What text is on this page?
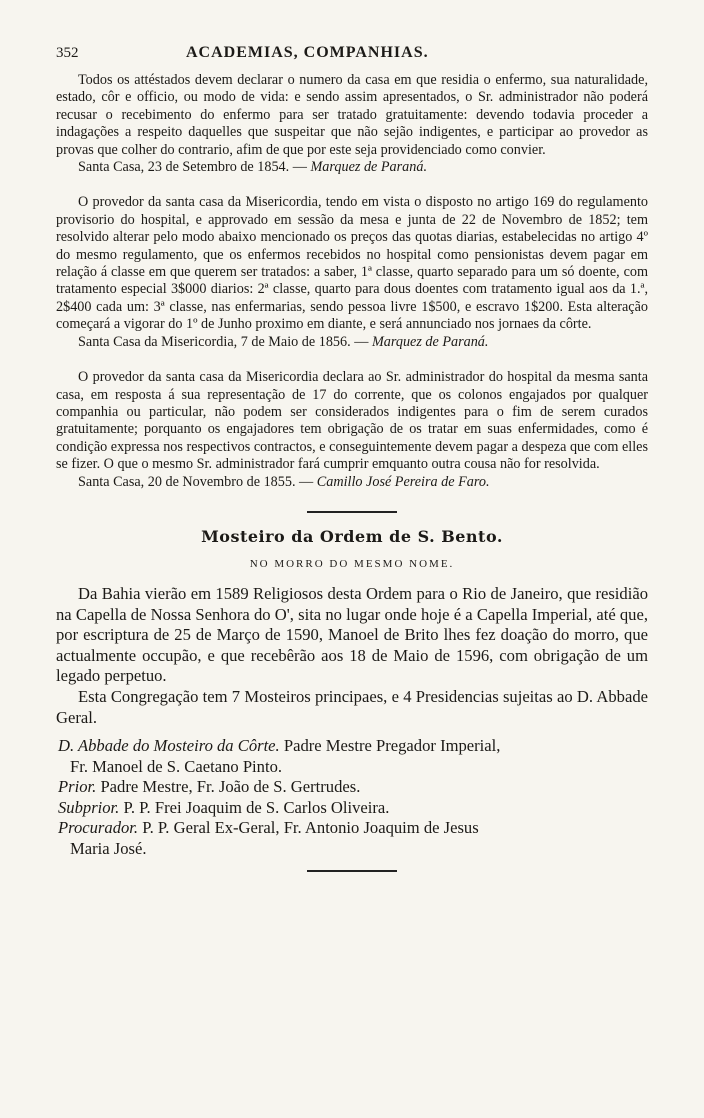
352	ACADEMIAS, COMPANHIAS.

Todos os attéstados devem declarar o numero da casa em que residia o enfermo, sua naturalidade, estado, côr e officio, ou modo de vida: e sendo assim apresentados, o Sr. administrador não poderá recusar o recebimento do enfermo para ser tratado gratuitamente: devendo todavia proceder a indagações a respeito daquelles que suspeitar que não sejão indigentes, e participar ao provedor as provas que colher do contrario, afim de que por este seja providenciado como convier.

Santa Casa, 23 de Setembro de 1854. — Marquez de Paraná.

O provedor da santa casa da Misericordia, tendo em vista o disposto no artigo 169 do regulamento provisorio do hospital, e approvado em sessão da mesa e junta de 22 de Novembro de 1852; tem resolvido alterar pelo modo abaixo mencionado os preços das quotas diarias, estabelecidas no artigo 4º do mesmo regulamento, que os enfermos recebidos no hospital como pensionistas devem pagar em relação á classe em que querem ser tratados: a saber, 1ª classe, quarto separado para um só doente, com tratamento especial 3$000 diarios: 2ª classe, quarto para dous doentes com tratamento igual aos da 1.ª, 2$400 cada um: 3ª classe, nas enfermarias, sendo pessoa livre 1$500, e escravo 1$200. Esta alteração começará a vigorar do 1º de Junho proximo em diante, e será annunciado nos jornaes da côrte.

Santa Casa da Misericordia, 7 de Maio de 1856. — Marquez de Paraná.

O provedor da santa casa da Misericordia declara ao Sr. administrador do hospital da mesma santa casa, em resposta á sua representação de 17 do corrente, que os colonos engajados por qualquer companhia ou particular, não podem ser considerados indigentes para o fim de serem curados gratuitamente; porquanto os engajadores tem obrigação de os tratar em suas enfermidades, como é condição expressa nos respectivos contractos, e conseguintemente devem pagar a despeza que com elles se fizer. O que o mesmo Sr. administrador fará cumprir emquanto outra cousa não for resolvida.

Santa Casa, 20 de Novembro de 1855. — Camillo José Pereira de Faro.

Mosteiro da Ordem de S. Bento.
NO MORRO DO MESMO NOME.

Da Bahia vierão em 1589 Religiosos desta Ordem para o Rio de Janeiro, que residião na Capella de Nossa Senhora do O', sita no lugar onde hoje é a Capella Imperial, até que, por escriptura de 25 de Março de 1590, Manoel de Brito lhes fez doação do morro, que actualmente occupão, e que recebêrão aos 18 de Maio de 1596, com obrigação de um legado perpetuo.

Esta Congregação tem 7 Mosteiros principaes, e 4 Presidencias sujeitas ao D. Abbade Geral.

D. Abbade do Mosteiro da Côrte. Padre Mestre Pregador Imperial,
Fr. Manoel de S. Caetano Pinto.
Prior. Padre Mestre, Fr. João de S. Gertrudes.
Subprior. P. P. Frei Joaquim de S. Carlos Oliveira.
Procurador. P. P. Geral Ex-Geral, Fr. Antonio Joaquim de Jesus
Maria José.
